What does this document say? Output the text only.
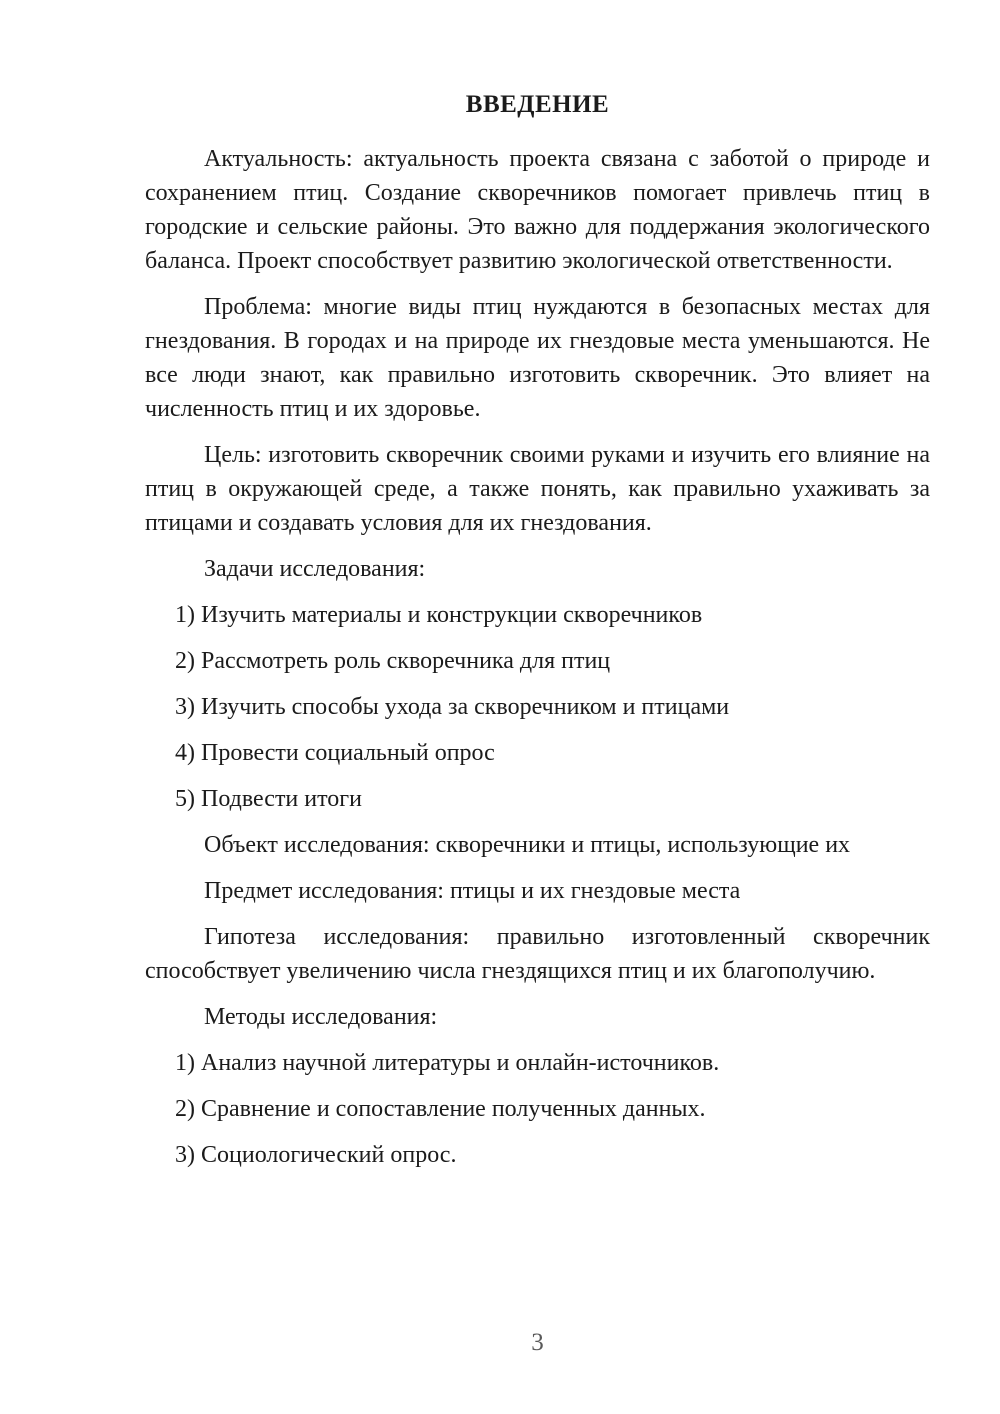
ВВЕДЕНИЕ

Актуальность: актуальность проекта связана с заботой о природе и сохранением птиц. Создание скворечников помогает привлечь птиц в городские и сельские районы. Это важно для поддержания экологического баланса. Проект способствует развитию экологической ответственности.

Проблема: многие виды птиц нуждаются в безопасных местах для гнездования. В городах и на природе их гнездовые места уменьшаются. Не все люди знают, как правильно изготовить скворечник. Это влияет на численность птиц и их здоровье.

Цель: изготовить скворечник своими руками и изучить его влияние на птиц в окружающей среде, а также понять, как правильно ухаживать за птицами и создавать условия для их гнездования.

Задачи исследования:

1) Изучить материалы и конструкции скворечников

2) Рассмотреть роль скворечника для птиц

3) Изучить способы ухода за скворечником и птицами

4) Провести социальный опрос

5) Подвести итоги

Объект исследования: скворечники и птицы, использующие их

Предмет исследования: птицы и их гнездовые места

Гипотеза исследования: правильно изготовленный скворечник способствует увеличению числа гнездящихся птиц и их благополучию.

Методы исследования:

1) Анализ научной литературы и онлайн-источников.

2) Сравнение и сопоставление полученных данных.

3) Социологический опрос.

3
